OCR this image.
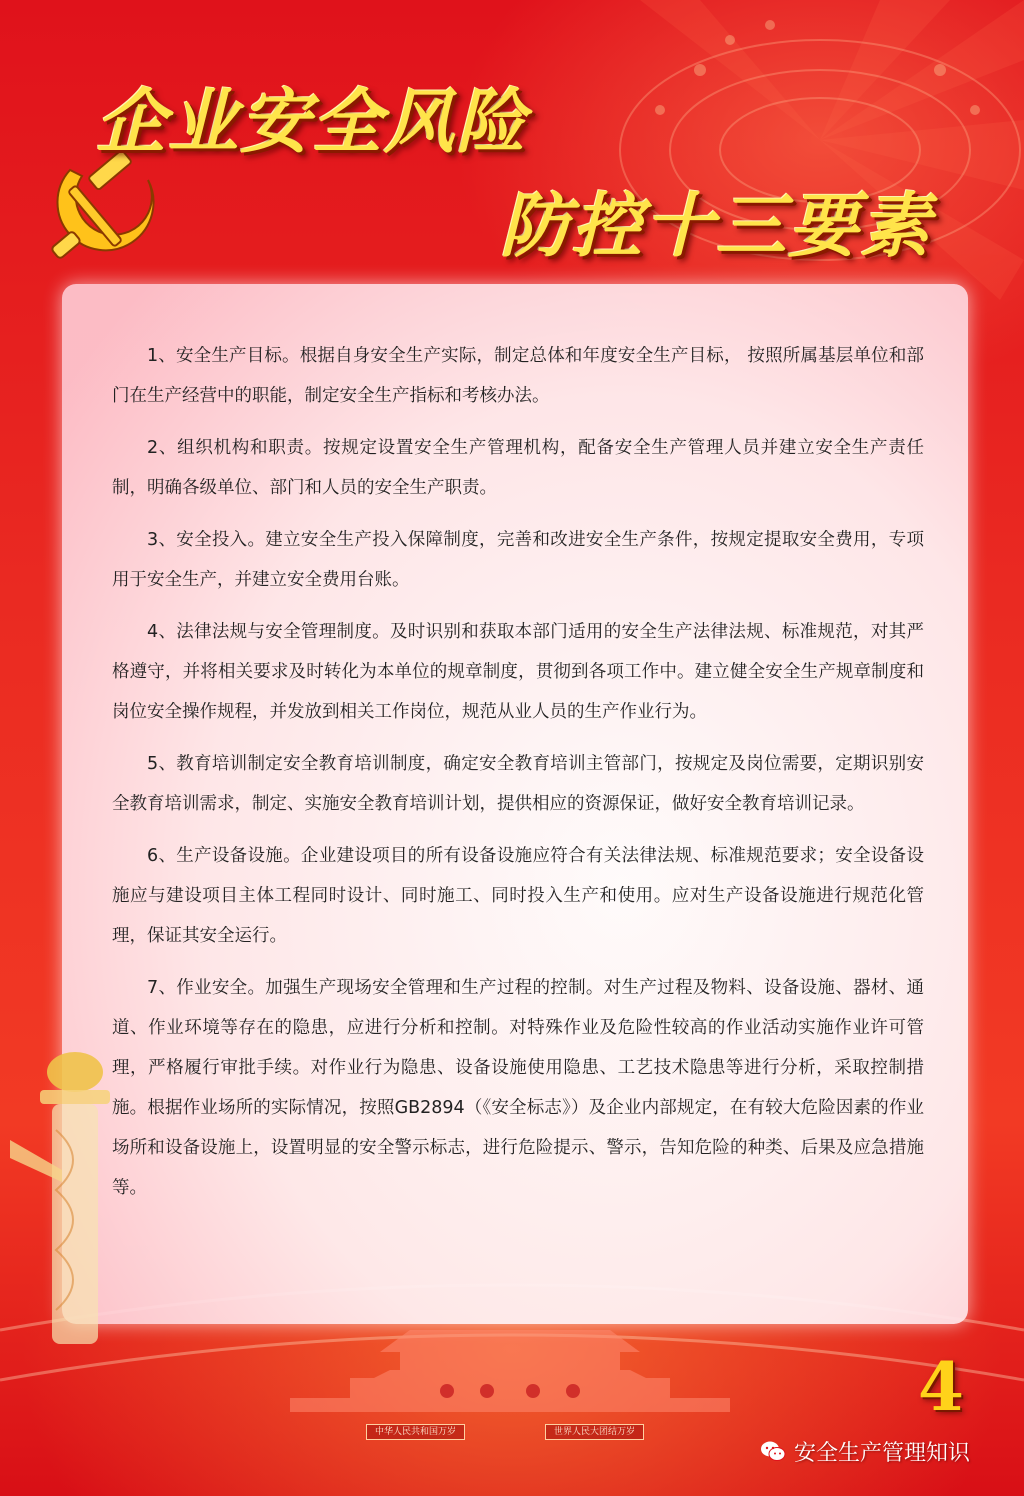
企业安全风险
防控十三要素

1、安全生产目标。根据自身安全生产实际，制定总体和年度安全生产目标， 按照所属基层单位和部门在生产经营中的职能，制定安全生产指标和考核办法。

2、组织机构和职责。按规定设置安全生产管理机构，配备安全生产管理人员并建立安全生产责任制，明确各级单位、部门和人员的安全生产职责。

3、安全投入。建立安全生产投入保障制度，完善和改进安全生产条件，按规定提取安全费用，专项用于安全生产，并建立安全费用台账。

4、法律法规与安全管理制度。及时识别和获取本部门适用的安全生产法律法规、标准规范，对其严格遵守，并将相关要求及时转化为本单位的规章制度，贯彻到各项工作中。建立健全安全生产规章制度和岗位安全操作规程，并发放到相关工作岗位，规范从业人员的生产作业行为。

5、教育培训制定安全教育培训制度，确定安全教育培训主管部门，按规定及岗位需要，定期识别安全教育培训需求，制定、实施安全教育培训计划，提供相应的资源保证，做好安全教育培训记录。

6、生产设备设施。企业建设项目的所有设备设施应符合有关法律法规、标准规范要求；安全设备设施应与建设项目主体工程同时设计、同时施工、同时投入生产和使用。应对生产设备设施进行规范化管理，保证其安全运行。

7、作业安全。加强生产现场安全管理和生产过程的控制。对生产过程及物料、设备设施、器材、通道、作业环境等存在的隐患，应进行分析和控制。对特殊作业及危险性较高的作业活动实施作业许可管理，严格履行审批手续。对作业行为隐患、设备设施使用隐患、工艺技术隐患等进行分析，采取控制措施。根据作业场所的实际情况，按照GB2894（《安全标志》）及企业内部规定，在有较大危险因素的作业场所和设备设施上，设置明显的安全警示标志，进行危险提示、警示，告知危险的种类、后果及应急措施等。

中华人民共和国万岁	世界人民大团结万岁

4

安全生产管理知识
